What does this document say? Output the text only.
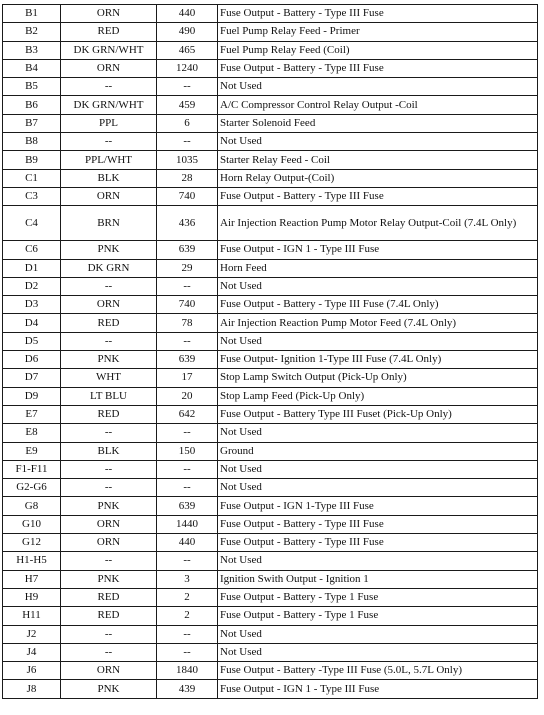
B1	ORN	440	Fuse Output - Battery - Type III Fuse
B2	RED	490	Fuel Pump Relay Feed - Primer
B3	DK GRN/WHT	465	Fuel Pump Relay Feed (Coil)
B4	ORN	1240	Fuse Output - Battery - Type III Fuse
B5	--	--	Not Used
B6	DK GRN/WHT	459	A/C Compressor Control Relay Output -Coil
B7	PPL	6	Starter Solenoid Feed
B8	--	--	Not Used
B9	PPL/WHT	1035	Starter Relay Feed - Coil
C1	BLK	28	Horn Relay Output-(Coil)
C3	ORN	740	Fuse Output - Battery - Type III Fuse
C4	BRN	436	Air Injection Reaction Pump Motor Relay Output-Coil (7.4L Only)
C6	PNK	639	Fuse Output - IGN 1 - Type III Fuse
D1	DK GRN	29	Horn Feed
D2	--	--	Not Used
D3	ORN	740	Fuse Output - Battery - Type III Fuse (7.4L Only)
D4	RED	78	Air Injection Reaction Pump Motor Feed (7.4L Only)
D5	--	--	Not Used
D6	PNK	639	Fuse Output- Ignition 1-Type III Fuse (7.4L Only)
D7	WHT	17	Stop Lamp Switch Output (Pick-Up Only)
D9	LT BLU	20	Stop Lamp Feed (Pick-Up Only)
E7	RED	642	Fuse Output - Battery Type III Fuset (Pick-Up Only)
E8	--	--	Not Used
E9	BLK	150	Ground
F1-F11	--	--	Not Used
G2-G6	--	--	Not Used
G8	PNK	639	Fuse Output - IGN 1-Type III Fuse
G10	ORN	1440	Fuse Output - Battery - Type III Fuse
G12	ORN	440	Fuse Output - Battery - Type III Fuse
H1-H5	--	--	Not Used
H7	PNK	3	Ignition Swith Output - Ignition 1
H9	RED	2	Fuse Output - Battery - Type 1 Fuse
H11	RED	2	Fuse Output - Battery - Type 1 Fuse
J2	--	--	Not Used
J4	--	--	Not Used
J6	ORN	1840	Fuse Output - Battery -Type III Fuse (5.0L, 5.7L Only)
J8	PNK	439	Fuse Output - IGN 1 - Type III Fuse
